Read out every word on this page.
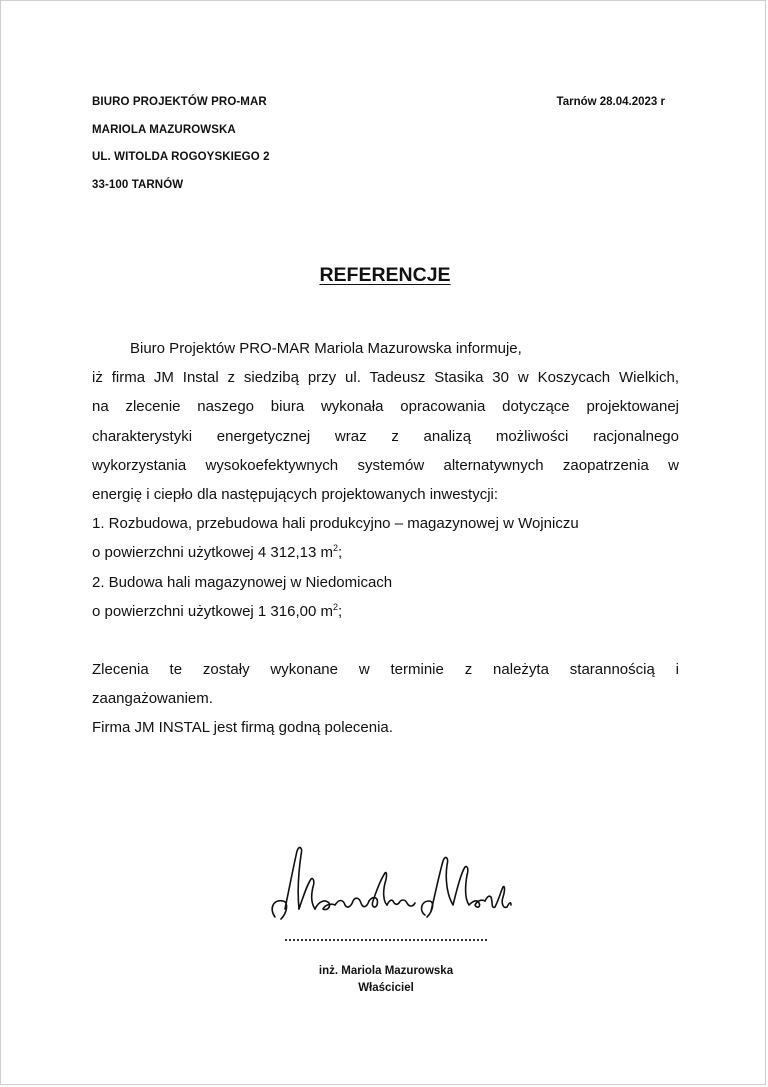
BIURO PROJEKTÓW PRO-MAR
MARIOLA MAZUROWSKA
UL. WITOLDA ROGOYSKIEGO 2
33-100 TARNÓW
Tarnów 28.04.2023 r
REFERENCJE

Biuro Projektów PRO-MAR Mariola Mazurowska informuje,

iż firma JM Instal z siedzibą przy ul. Tadeusz Stasika 30 w Koszycach Wielkich,

na zlecenie naszego biura wykonała opracowania dotyczące projektowanej

charakterystyki energetycznej wraz z analizą możliwości racjonalnego

wykorzystania wysokoefektywnych systemów alternatywnych zaopatrzenia w

energię i ciepło dla następujących projektowanych inwestycji:

1. Rozbudowa, przebudowa hali produkcyjno – magazynowej w Wojniczu

o powierzchni użytkowej 4 312,13 $m^2$;

2. Budowa hali magazynowej w Niedomicach

o powierzchni użytkowej 1 316,00 $m^2$;

Zlecenia te zostały wykonane w terminie z należyta starannością i

zaangażowaniem.

Firma JM INSTAL jest firmą godną polecenia.

inż. Mariola Mazurowska
Właściciel
